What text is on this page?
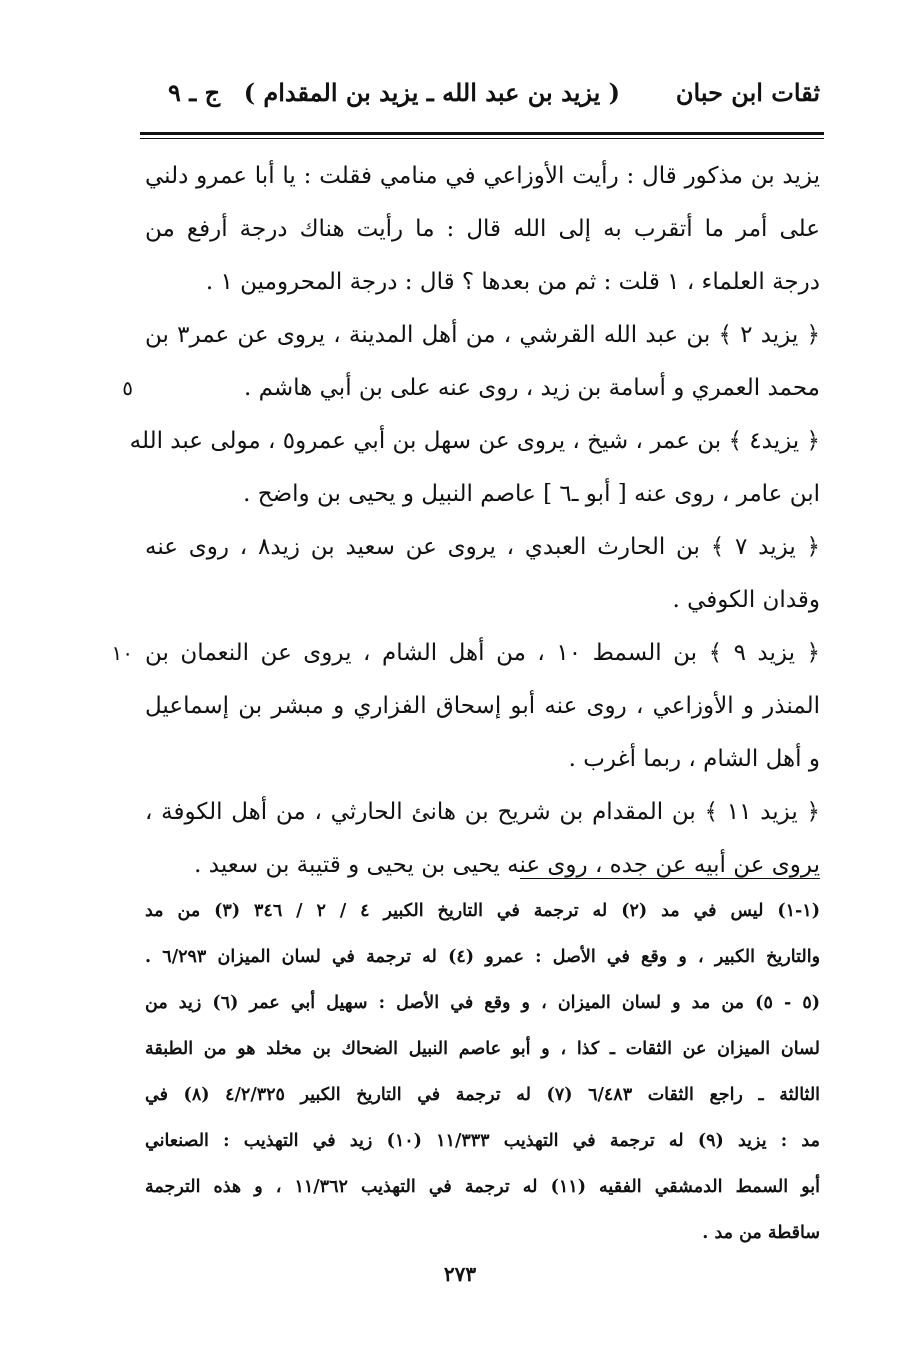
ثقات ابن حبان
( يزيد بن عبد الله ـ يزيد بن المقدام )
ج ـ ٩
يزيد بن مذكور قال : رأيت الأوزاعي في منامي فقلت : يا أبا عمرو دلني
على أمر ما أتقرب به إلى الله قال : ما رأيت هناك درجة أرفع من
درجة العلماء ، ١ قلت : ثم من بعدها ؟ قال : درجة المحرومين ١ .
﴿ يزيد ٢ ﴾ بن عبد الله القرشي ، من أهل المدينة ، يروى عن عمر٣ بن
محمد العمري و أسامة بن زيد ، روى عنه على بن أبي هاشم .
٥
﴿ يزيد٤ ﴾ بن عمر ، شيخ ، يروى عن سهل بن أبي عمرو٥ ، مولى عبد الله
ابن عامر ، روى عنه [ أبو ـ٦ ] عاصم النبيل و يحيى بن واضح .
﴿ يزيد ٧ ﴾ بن الحارث العبدي ، يروى عن سعيد بن زيد٨ ، روى عنه
وقدان الكوفي .
﴿ يزيد ٩ ﴾ بن السمط ١٠ ، من أهل الشام ، يروى عن النعمان بن
١٠
المنذر و الأوزاعي ، روى عنه أبو إسحاق الفزاري و مبشر بن إسماعيل
و أهل الشام ، ربما أغرب .
﴿ يزيد ١١ ﴾ بن المقدام بن شريح بن هانئ الحارثي ، من أهل الكوفة ،
يروى عن أبيه عن جده ، روى عنه يحيى بن يحيى و قتيبة بن سعيد .
(١-١) ليس في مد (٢) له ترجمة في التاريخ الكبير ٤ / ٢ / ٣٤٦ (٣) من مد
والتاريخ الكبير ، و وقع في الأصل : عمرو (٤) له ترجمة في لسان الميزان ٦/٢٩٣ .
(٥ - ٥) من مد و لسان الميزان ، و وقع في الأصل : سهيل أبي عمر (٦) زيد من
لسان الميزان عن الثقات ـ كذا ، و أبو عاصم النبيل الضحاك بن مخلد هو من الطبقة
الثالثة ـ راجع الثقات ٦/٤٨٣ (٧) له ترجمة في التاريخ الكبير ٤/٢/٣٢٥ (٨) في
مد : يزيد (٩) له ترجمة في التهذيب ١١/٣٣٣ (١٠) زيد في التهذيب : الصنعاني
أبو السمط الدمشقي الفقيه (١١) له ترجمة في التهذيب ١١/٣٦٢ ، و هذه الترجمة
ساقطة من مد .
٢٧٣
